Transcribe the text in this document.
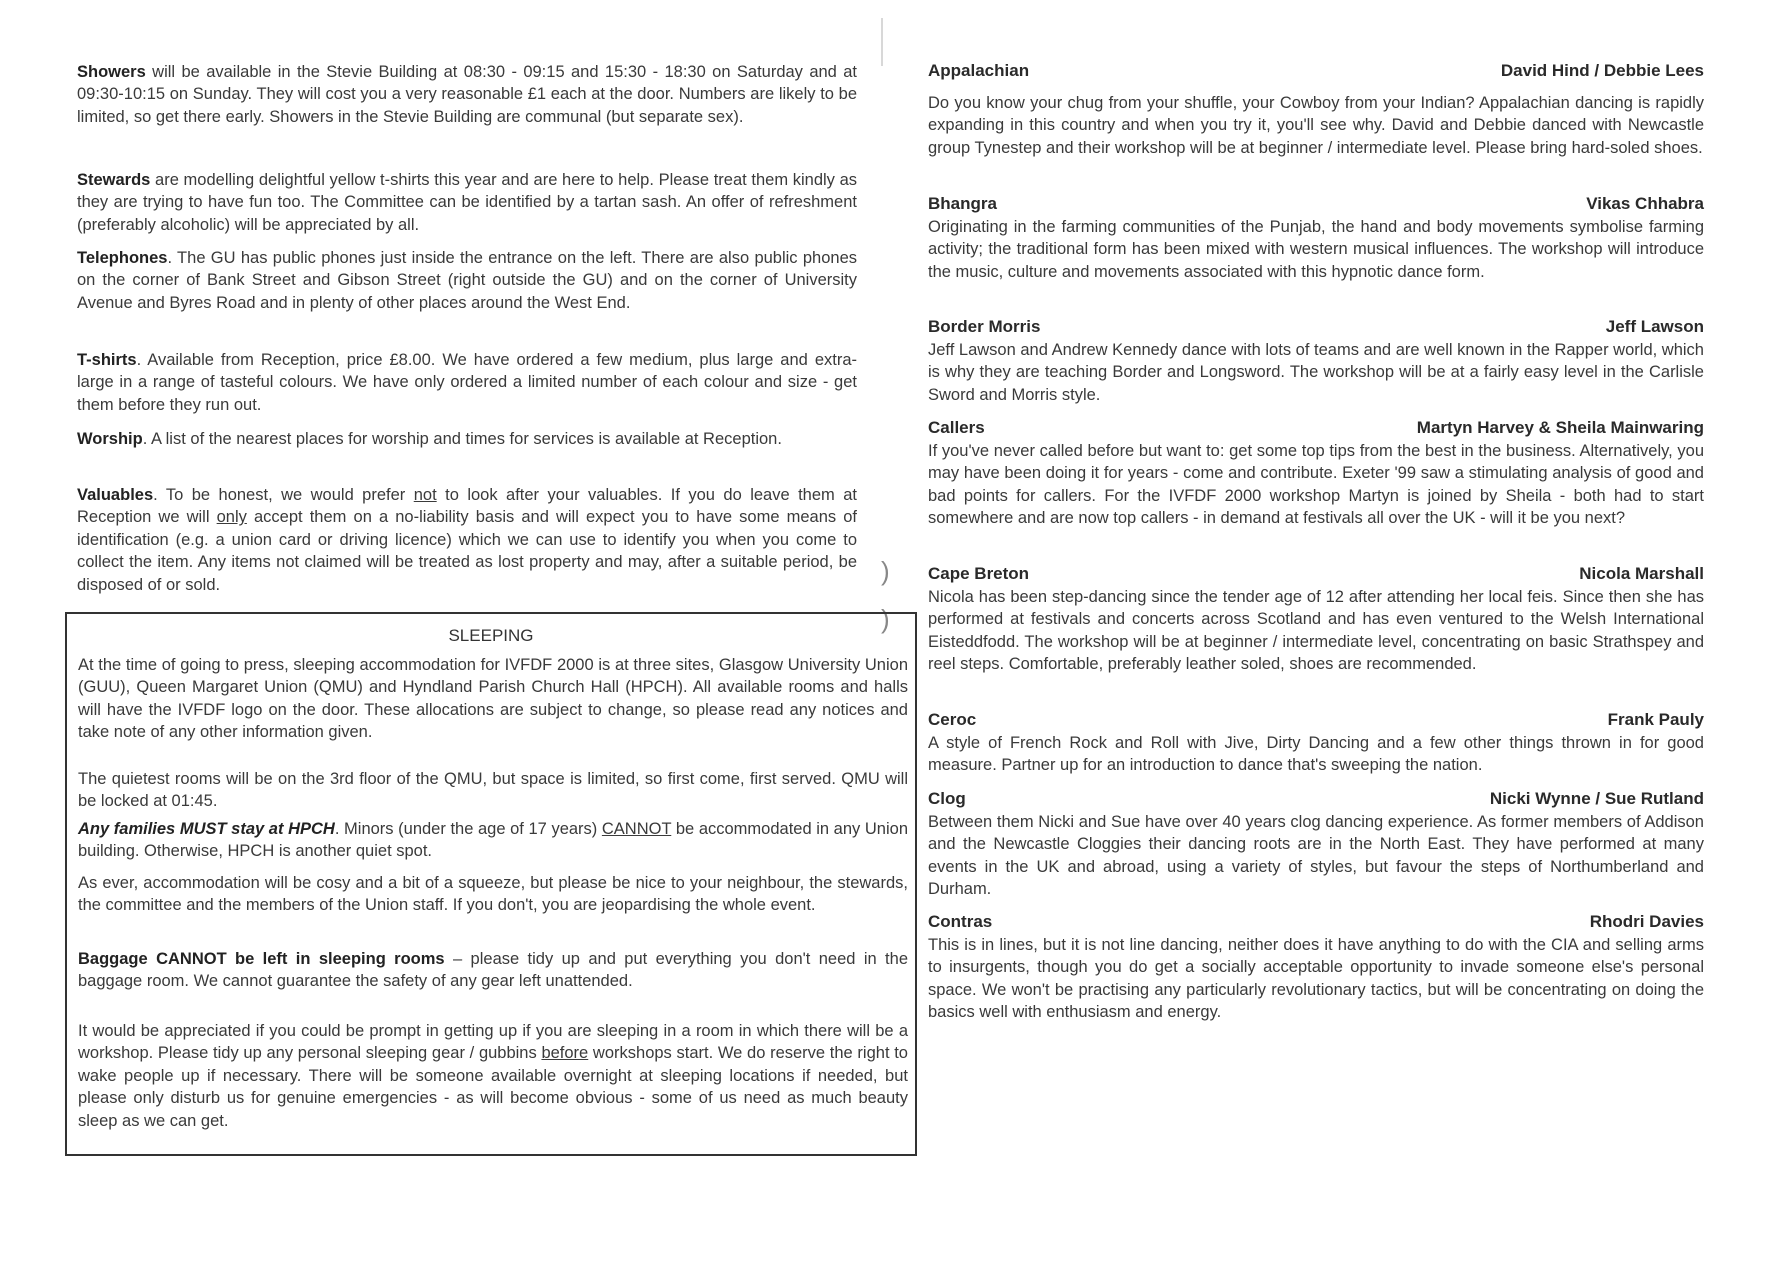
)
)

Showers will be available in the Stevie Building at 08:30 - 09:15 and 15:30 - 18:30 on Saturday and at 09:30-10:15 on Sunday. They will cost you a very reasonable £1 each at the door. Numbers are likely to be limited, so get there early. Showers in the Stevie Building are communal (but separate sex).

Stewards are modelling delightful yellow t-shirts this year and are here to help. Please treat them kindly as they are trying to have fun too. The Committee can be identified by a tartan sash. An offer of refreshment (preferably alcoholic) will be appreciated by all.

Telephones. The GU has public phones just inside the entrance on the left. There are also public phones on the corner of Bank Street and Gibson Street (right outside the GU) and on the corner of University Avenue and Byres Road and in plenty of other places around the West End.

T-shirts. Available from Reception, price £8.00. We have ordered a few medium, plus large and extra-large in a range of tasteful colours. We have only ordered a limited number of each colour and size - get them before they run out.

Worship. A list of the nearest places for worship and times for services is available at Reception.

Valuables. To be honest, we would prefer not to look after your valuables. If you do leave them at Reception we will only accept them on a no-liability basis and will expect you to have some means of identification (e.g. a union card or driving licence) which we can use to identify you when you come to collect the item. Any items not claimed will be treated as lost property and may, after a suitable period, be disposed of or sold.

SLEEPING

At the time of going to press, sleeping accommodation for IVFDF 2000 is at three sites, Glasgow University Union (GUU), Queen Margaret Union (QMU) and Hyndland Parish Church Hall (HPCH). All available rooms and halls will have the IVFDF logo on the door. These allocations are subject to change, so please read any notices and take note of any other information given.

The quietest rooms will be on the 3rd floor of the QMU, but space is limited, so first come, first served. QMU will be locked at 01:45.

Any families MUST stay at HPCH. Minors (under the age of 17 years) CANNOT be accommodated in any Union building. Otherwise, HPCH is another quiet spot.

As ever, accommodation will be cosy and a bit of a squeeze, but please be nice to your neighbour, the stewards, the committee and the members of the Union staff. If you don't, you are jeopardising the whole event.

Baggage CANNOT be left in sleeping rooms – please tidy up and put everything you don't need in the baggage room. We cannot guarantee the safety of any gear left unattended.

It would be appreciated if you could be prompt in getting up if you are sleeping in a room in which there will be a workshop. Please tidy up any personal sleeping gear / gubbins before workshops start. We do reserve the right to wake people up if necessary. There will be someone available overnight at sleeping locations if needed, but please only disturb us for genuine emergencies - as will become obvious - some of us need as much beauty sleep as we can get.

Appalachian	David Hind / Debbie Lees

Do you know your chug from your shuffle, your Cowboy from your Indian? Appalachian dancing is rapidly expanding in this country and when you try it, you'll see why. David and Debbie danced with Newcastle group Tynestep and their workshop will be at beginner / intermediate level. Please bring hard-soled shoes.

Bhangra	Vikas Chhabra

Originating in the farming communities of the Punjab, the hand and body movements symbolise farming activity; the traditional form has been mixed with western musical influences. The workshop will introduce the music, culture and movements associated with this hypnotic dance form.

Border Morris	Jeff Lawson

Jeff Lawson and Andrew Kennedy dance with lots of teams and are well known in the Rapper world, which is why they are teaching Border and Longsword. The workshop will be at a fairly easy level in the Carlisle Sword and Morris style.

Callers	Martyn Harvey & Sheila Mainwaring

If you've never called before but want to: get some top tips from the best in the business. Alternatively, you may have been doing it for years - come and contribute. Exeter '99 saw a stimulating analysis of good and bad points for callers. For the IVFDF 2000 workshop Martyn is joined by Sheila - both had to start somewhere and are now top callers - in demand at festivals all over the UK - will it be you next?

Cape Breton	Nicola Marshall

Nicola has been step-dancing since the tender age of 12 after attending her local feis. Since then she has performed at festivals and concerts across Scotland and has even ventured to the Welsh International Eisteddfodd. The workshop will be at beginner / intermediate level, concentrating on basic Strathspey and reel steps. Comfortable, preferably leather soled, shoes are recommended.

Ceroc	Frank Pauly

A style of French Rock and Roll with Jive, Dirty Dancing and a few other things thrown in for good measure. Partner up for an introduction to dance that's sweeping the nation.

Clog	Nicki Wynne / Sue Rutland

Between them Nicki and Sue have over 40 years clog dancing experience. As former members of Addison and the Newcastle Cloggies their dancing roots are in the North East. They have performed at many events in the UK and abroad, using a variety of styles, but favour the steps of Northumberland and Durham.

Contras	Rhodri Davies

This is in lines, but it is not line dancing, neither does it have anything to do with the CIA and selling arms to insurgents, though you do get a socially acceptable opportunity to invade someone else's personal space. We won't be practising any particularly revolutionary tactics, but will be concentrating on doing the basics well with enthusiasm and energy.
